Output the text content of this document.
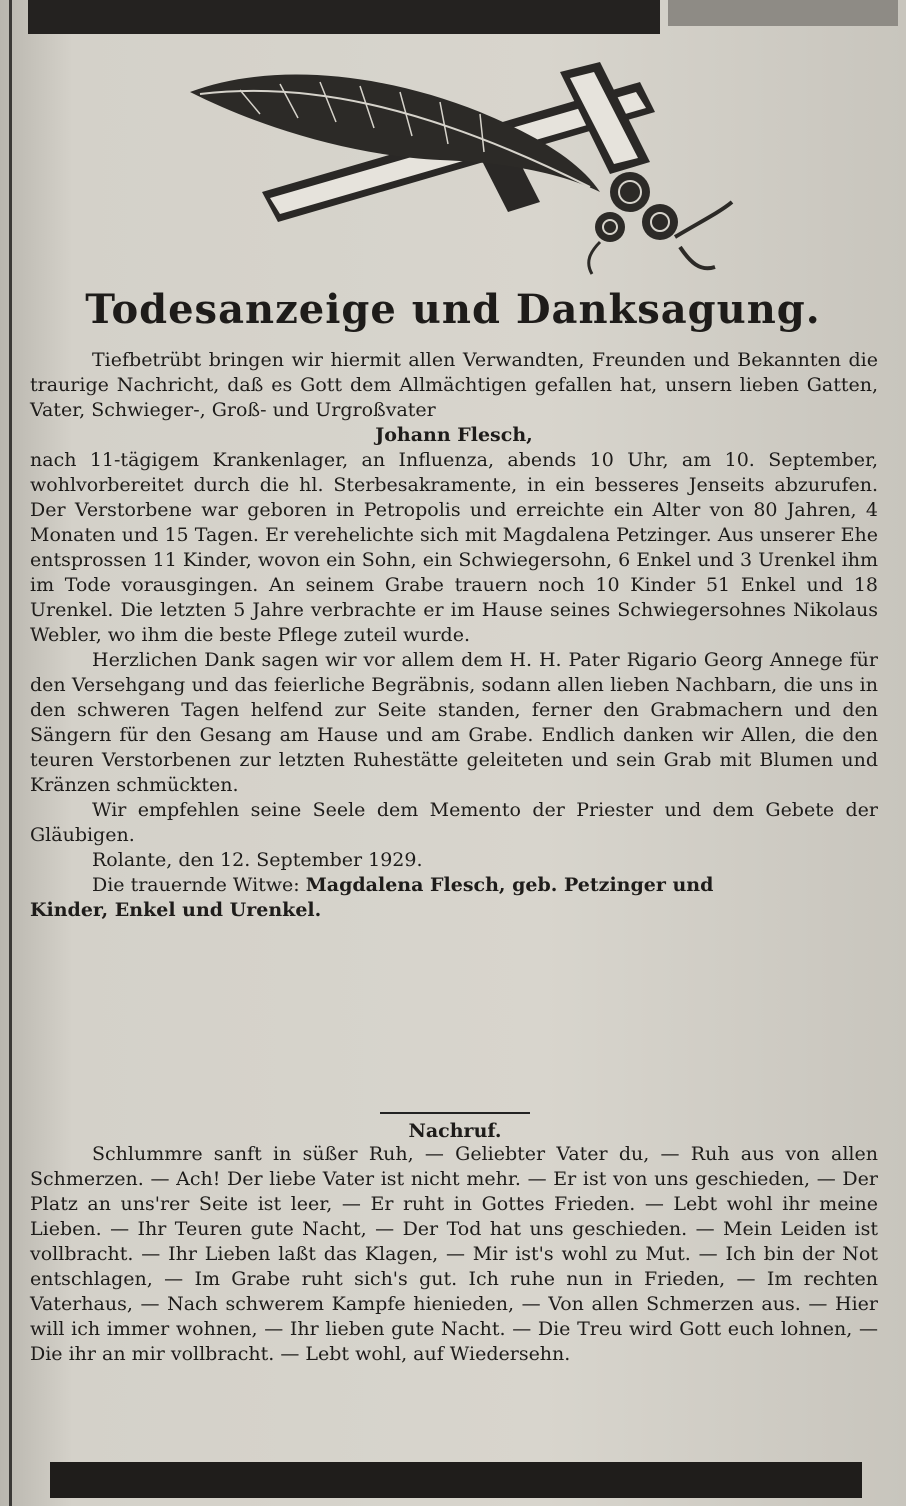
Todesanzeige und Danksagung.

Tiefbetrübt bringen wir hiermit allen Verwandten, Freunden und Bekannten die traurige Nachricht, daß es Gott dem Allmächtigen gefallen hat, unsern lieben Gatten, Vater, Schwieger-, Groß- und Urgroßvater

Johann Flesch,

nach 11-tägigem Krankenlager, an Influenza, abends 10 Uhr, am 10. September, wohlvorbereitet durch die hl. Sterbesakramente, in ein besseres Jenseits abzurufen. Der Verstorbene war geboren in Petropolis und erreichte ein Alter von 80 Jahren, 4 Monaten und 15 Tagen. Er verehelichte sich mit Magdalena Petzinger. Aus unserer Ehe entsprossen 11 Kinder, wovon ein Sohn, ein Schwiegersohn, 6 Enkel und 3 Urenkel ihm im Tode vorausgingen. An seinem Grabe trauern noch 10 Kinder 51 Enkel und 18 Urenkel. Die letzten 5 Jahre verbrachte er im Hause seines Schwiegersohnes Nikolaus Webler, wo ihm die beste Pflege zuteil wurde.

Herzlichen Dank sagen wir vor allem dem H. H. Pater Rigario Georg Annege für den Versehgang und das feierliche Begräbnis, sodann allen lieben Nachbarn, die uns in den schweren Tagen helfend zur Seite standen, ferner den Grabmachern und den Sängern für den Gesang am Hause und am Grabe. Endlich danken wir Allen, die den teuren Verstorbenen zur letzten Ruhestätte geleiteten und sein Grab mit Blumen und Kränzen schmückten.

Wir empfehlen seine Seele dem Memento der Priester und dem Gebete der Gläubigen.

Rolante, den 12. September 1929.

Die trauernde Witwe: Magdalena Flesch, geb. Petzinger und

Kinder, Enkel und Urenkel.

Nachruf.

Schlummre sanft in süßer Ruh, — Geliebter Vater du, — Ruh aus von allen Schmerzen. — Ach! Der liebe Vater ist nicht mehr. — Er ist von uns geschieden, — Der Platz an uns'rer Seite ist leer, — Er ruht in Gottes Frieden. — Lebt wohl ihr meine Lieben. — Ihr Teuren gute Nacht, — Der Tod hat uns geschieden. — Mein Leiden ist vollbracht. — Ihr Lieben laßt das Klagen, — Mir ist's wohl zu Mut. — Ich bin der Not entschlagen, — Im Grabe ruht sich's gut. Ich ruhe nun in Frieden, — Im rechten Vaterhaus, — Nach schwerem Kampfe hienieden, — Von allen Schmerzen aus. — Hier will ich immer wohnen, — Ihr lieben gute Nacht. — Die Treu wird Gott euch lohnen, — Die ihr an mir vollbracht. — Lebt wohl, auf Wiedersehn.
